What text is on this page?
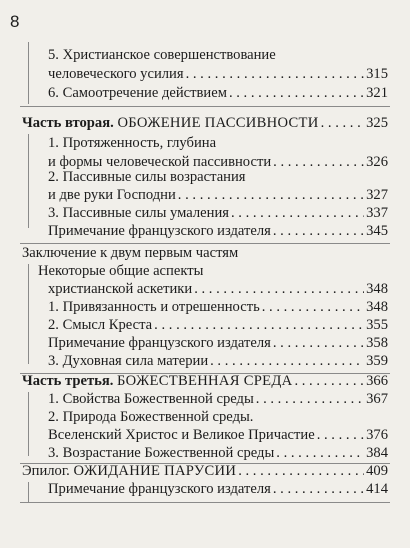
8
5. Христианское совершенствование
человеческого усилия . . .	315
6. Самоотречение действием . . .	321
Часть вторая.
ОБОЖЕНИЕ ПАССИВНОСТИ . . .	325
1. Протяженность, глубина
и формы человеческой пассивности . . .	326
2. Пассивные силы возрастания
и две руки Господни . . .	327
3. Пассивные силы умаления . . .	337
Примечание французского издателя . . .	345
Заключение к двум первым частям
Некоторые общие аспекты
христианской аскетики . . .	348
1. Привязанность и отрешенность . . .	348
2. Смысл Креста . . .	355
Примечание французского издателя . . .	358
3. Духовная сила материи . . .	359
Часть третья.
БОЖЕСТВЕННАЯ СРЕДА . . .	366
1. Свойства Божественной среды . . .	367
2. Природа Божественной среды.
Вселенский Христос и Великое Причастие . . .	376
3. Возрастание Божественной среды . . .	384
Эпилог.
ОЖИДАНИЕ ПАРУСИИ . . .	409
Примечание французского издателя . . .	414
